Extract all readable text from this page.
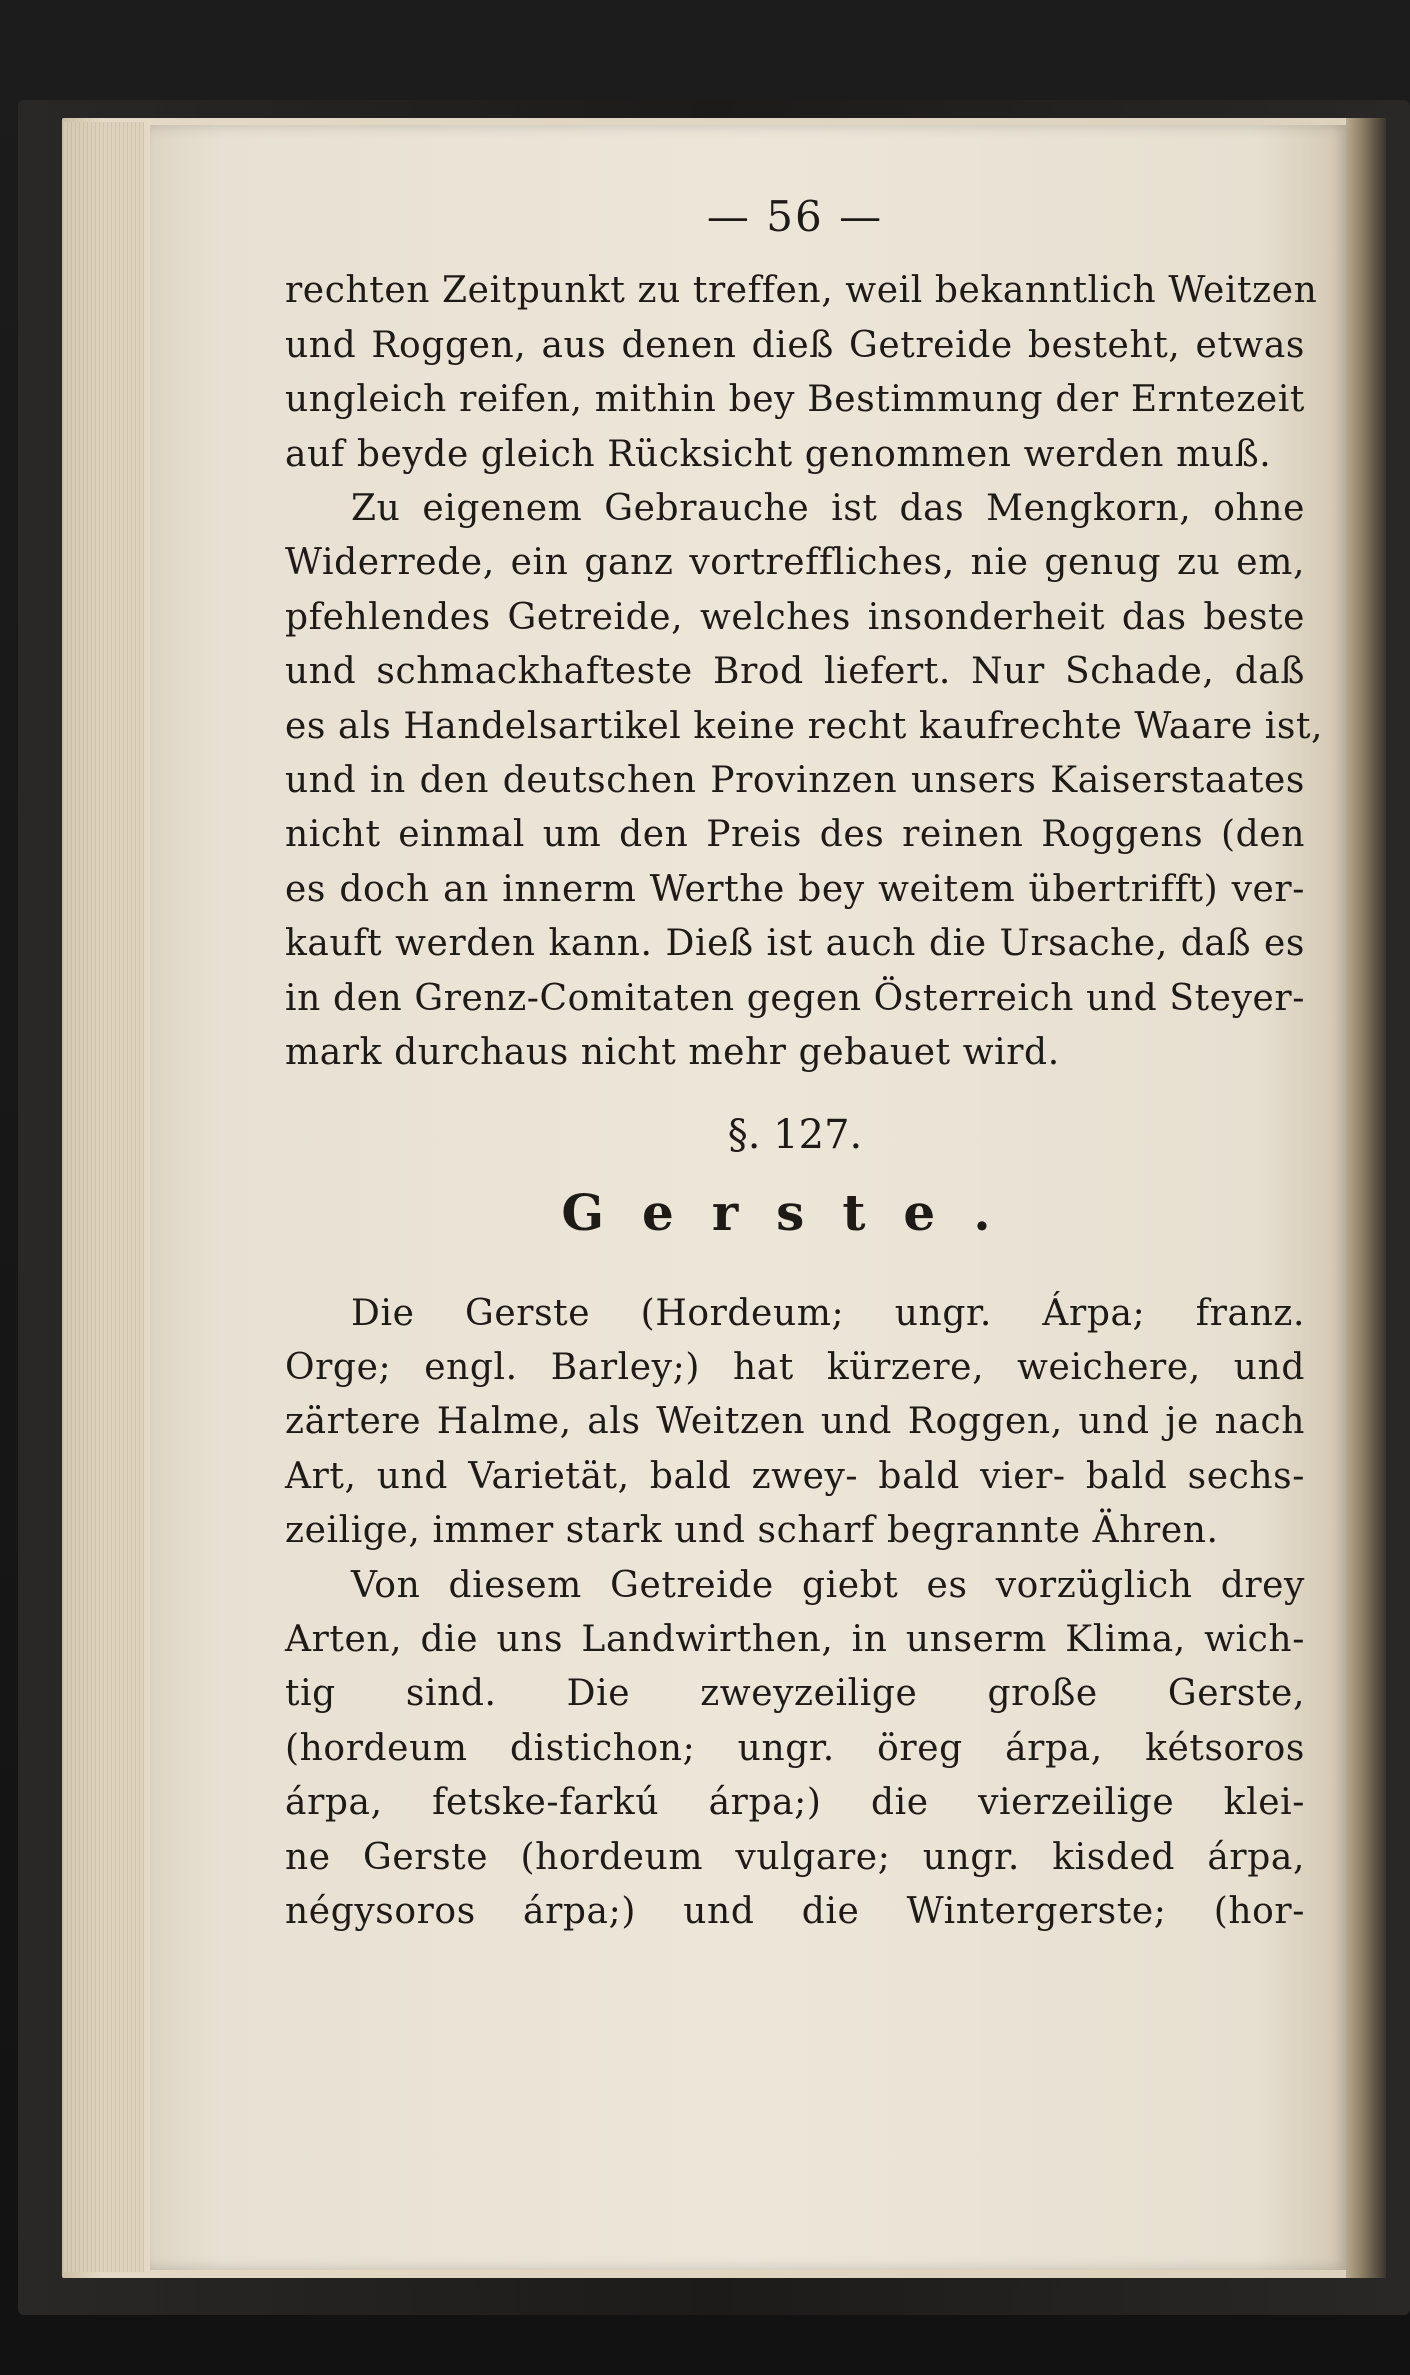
— 56 —
rechten Zeitpunkt zu treffen, weil bekanntlich Weitzen
und Roggen, aus denen dieß Getreide besteht, etwas
ungleich reifen, mithin bey Bestimmung der Erntezeit
auf beyde gleich Rücksicht genommen werden muß.
Zu eigenem Gebrauche ist das Mengkorn, ohne
Widerrede, ein ganz vortreffliches, nie genug zu em,
pfehlendes Getreide, welches insonderheit das beste
und schmackhafteste Brod liefert. Nur Schade, daß
es als Handelsartikel keine recht kaufrechte Waare ist,
und in den deutschen Provinzen unsers Kaiserstaates
nicht einmal um den Preis des reinen Roggens (den
es doch an innerm Werthe bey weitem übertrifft) ver-
kauft werden kann. Dieß ist auch die Ursache, daß es
in den Grenz-Comitaten gegen Österreich und Steyer-
mark durchaus nicht mehr gebauet wird.
§. 127.
Gerste.
Die Gerste (Hordeum; ungr. Árpa; franz.
Orge; engl. Barley;) hat kürzere, weichere, und
zärtere Halme, als Weitzen und Roggen, und je nach
Art, und Varietät, bald zwey- bald vier- bald sechs-
zeilige, immer stark und scharf begrannte Ähren.
Von diesem Getreide giebt es vorzüglich drey
Arten, die uns Landwirthen, in unserm Klima, wich-
tig sind. Die zweyzeilige große Gerste,
(hordeum distichon; ungr. öreg árpa, kétsoros
árpa, fetske-farkú árpa;) die vierzeilige klei-
ne Gerste (hordeum vulgare; ungr. kisded árpa,
négysoros árpa;) und die Wintergerste; (hor-
